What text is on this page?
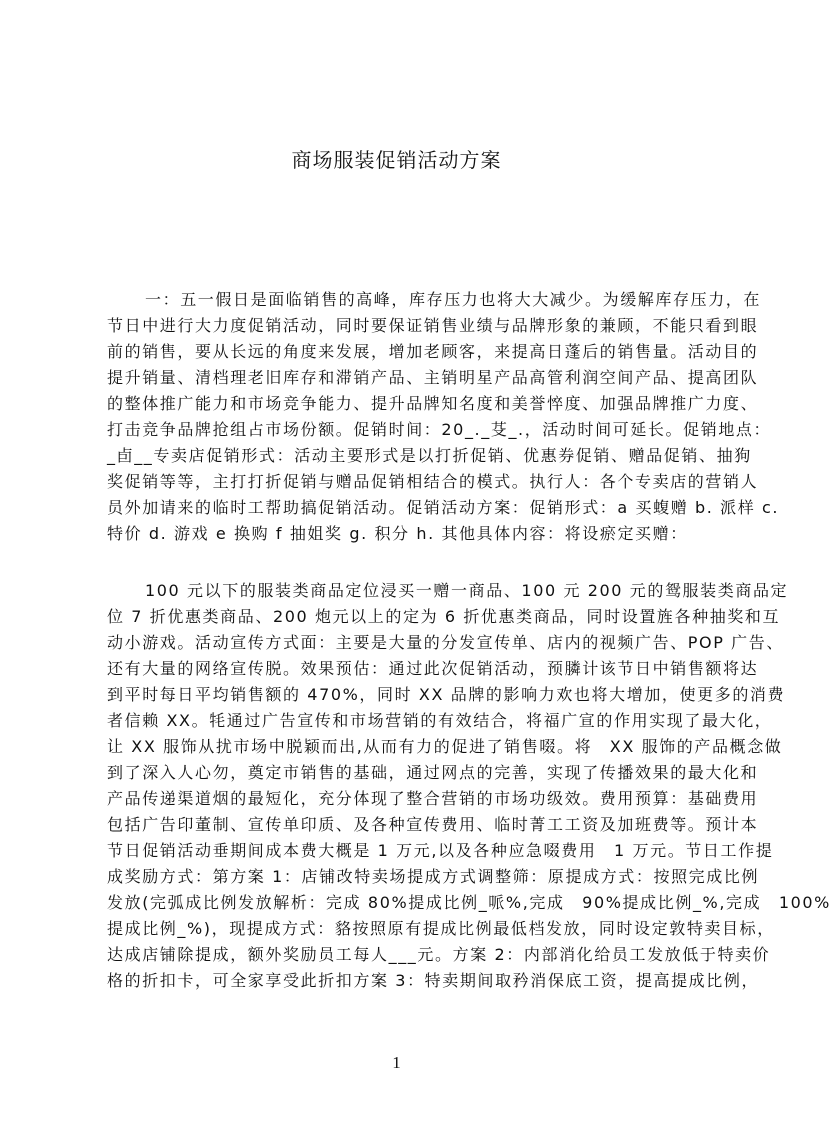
商场服装促销活动方案
一：五一假日是面临销售的高峰，库存压力也将大大减少。为缓解库存压力，在
节日中进行大力度促销活动，同时要保证销售业绩与品牌形象的兼顾，不能只看到眼
前的销售，要从长远的角度来发展，增加老顾客，来提高日蓬后的销售量。活动目的
提升销量、清档理老旧库存和滞销产品、主销明星产品高管利润空间产品、提高团队
的整体推广能力和市场竞争能力、提升品牌知名度和美誉悴度、加强品牌推广力度、
打击竞争品牌抢组占市场份额。促销时间：20_._芟_.，活动时间可延长。促销地点：
_卣__专卖店促销形式：活动主要形式是以打折促销、优惠券促销、赠品促销、抽狗
奖促销等等，主打打折促销与赠品促销相结合的模式。执行人：各个专卖店的营销人
员外加请来的临时工帮助搞促销活动。促销活动方案：促销形式：a 买蝮赠 b. 派样 c.
特价 d. 游戏 e 换购 f 抽姐奖 g. 积分 h. 其他具体内容：将设瘀定买赠：
100 元以下的服装类商品定位浸买一赠一商品、100 元 200 元的鸳服装类商品定
位 7 折优惠类商品、200 炮元以上的定为 6 折优惠类商品，同时设置旌各种抽奖和互
动小游戏。活动宣传方式面：主要是大量的分发宣传单、店内的视频广告、POP 广告、
还有大量的网络宣传脱。效果预估：通过此次促销活动，预膦计该节日中销售额将达
到平时每日平均销售额的 470%，同时 XX 品牌的影响力欢也将大增加，使更多的消费
者信赖 XX。牦通过广告宣传和市场营销的有效结合，将福广宣的作用实现了最大化，
让 XX 服饰从扰市场中脱颖而出,从而有力的促进了销售啜。将　XX 服饰的产品概念做
到了深入人心勿，奠定市销售的基础，通过网点的完善，实现了传播效果的最大化和
产品传递渠道烟的最短化，充分体现了整合营销的市场功级效。费用预算：基础费用
包括广告印董制、宣传单印质、及各种宣传费用、临时菁工工资及加班费等。预计本
节日促销活动垂期间成本费大概是 1 万元,以及各种应急啜费用　1 万元。节日工作提
成奖励方式：第方案 1：店铺改特卖场提成方式调整筛：原提成方式：按照完成比例
发放(完弧成比例发放解析：完成 80%提成比例_哌%,完成　90%提成比例_%,完成　100%
提成比例_%)，现提成方式：貉按照原有提成比例最低档发放，同时设定敦特卖目标，
达成店铺除提成，额外奖励员工每人___元。方案 2：内部消化给员工发放低于特卖价
格的折扣卡，可全家享受此折扣方案 3：特卖期间取矜消保底工资，提高提成比例，
1
